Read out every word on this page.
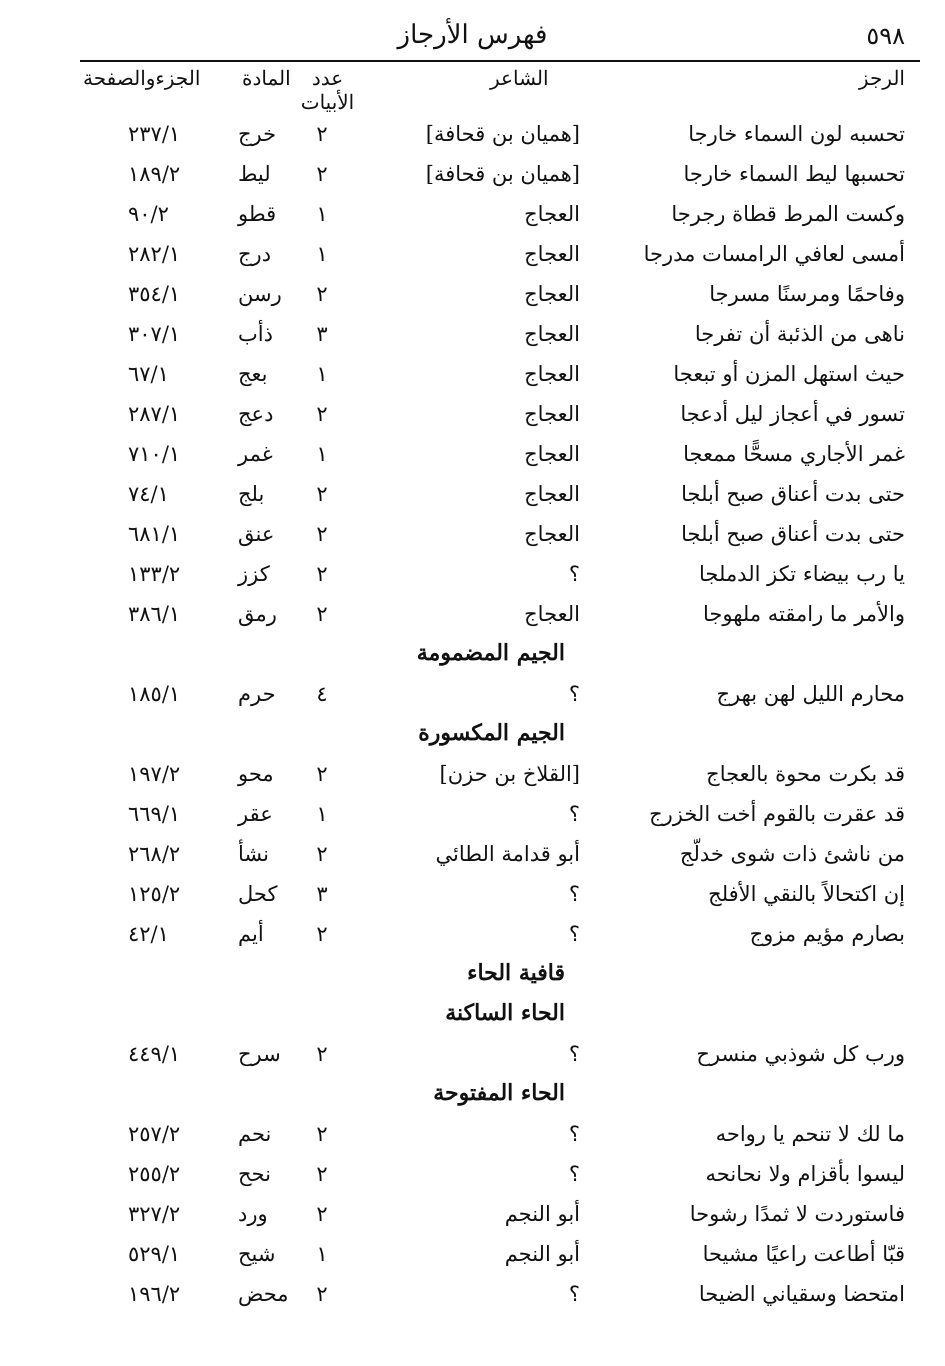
٥٩٨
فهرس الأرجاز
الرجز
الشاعر
عدد الأبيات
المادة
الجزءوالصفحة
تحسبه لون السماء خارجا
[هميان بن قحافة]
٢
خرج
٢٣٧/١
تحسبها ليط السماء خارجا
[هميان بن قحافة]
٢
ليط
١٨٩/٢
وكست المرط قطاة رجرجا
العجاج
١
قطو
٩٠/٢
أمسى لعافي الرامسات مدرجا
العجاج
١
درج
٢٨٢/١
وفاحمًا ومرسنًا مسرجا
العجاج
٢
رسن
٣٥٤/١
ناهى من الذئبة أن تفرجا
العجاج
٣
ذأب
٣٠٧/١
حيث استهل المزن أو تبعجا
العجاج
١
بعج
٦٧/١
تسور في أعجاز ليل أدعجا
العجاج
٢
دعج
٢٨٧/١
غمر الأجاري مسحًّا ممعجا
العجاج
١
غمر
٧١٠/١
حتى بدت أعناق صبح أبلجا
العجاج
٢
بلج
٧٤/١
حتى بدت أعناق صبح أبلجا
العجاج
٢
عنق
٦٨١/١
يا رب بيضاء تكز الدملجا
؟
٢
كزز
١٣٣/٢
والأمر ما رامقته ملهوجا
العجاج
٢
رمق
٣٨٦/١
الجيم المضمومة
محارم الليل لهن بهرج
؟
٤
حرم
١٨٥/١
الجيم المكسورة
قد بكرت محوة بالعجاج
[القلاخ بن حزن]
٢
محو
١٩٧/٢
قد عقرت بالقوم أخت الخزرج
؟
١
عقر
٦٦٩/١
من ناشئ ذات شوى خدلّج
أبو قدامة الطائي
٢
نشأ
٢٦٨/٢
إن اكتحالاً بالنقي الأفلج
؟
٣
كحل
١٢٥/٢
بصارم مؤيم مزوج
؟
٢
أيم
٤٢/١
قافية الحاء
الحاء الساكنة
ورب كل شوذبي منسرح
؟
٢
سرح
٤٤٩/١
الحاء المفتوحة
ما لك لا تنحم يا رواحه
؟
٢
نحم
٢٥٧/٢
ليسوا بأقزام ولا نحانحه
؟
٢
نحح
٢٥٥/٢
فاستوردت لا ثمدًا رشوحا
أبو النجم
٢
ورد
٣٢٧/٢
قبّا أطاعت راعيًا مشيحا
أبو النجم
١
شيح
٥٢٩/١
امتحضا وسقياني الضيحا
؟
٢
محض
١٩٦/٢
